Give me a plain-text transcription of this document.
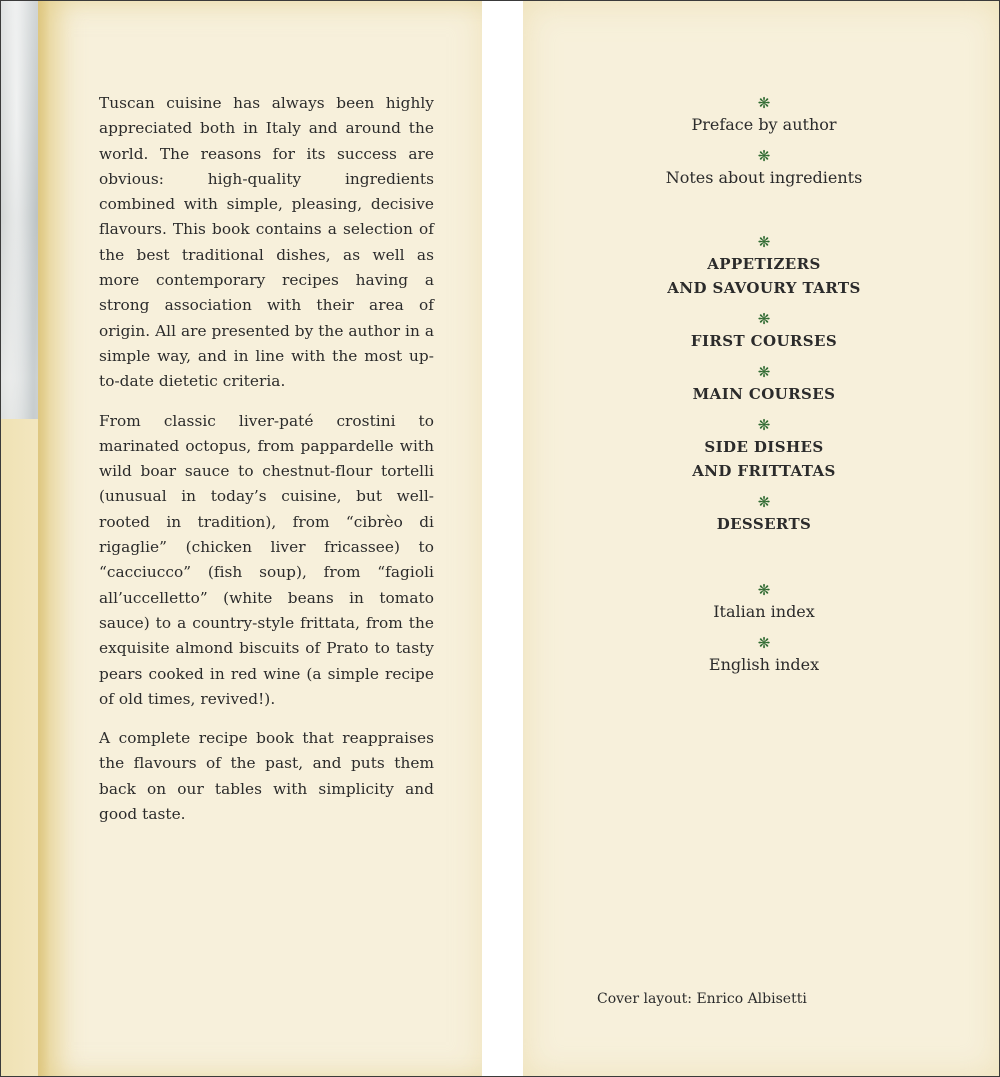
Tuscan cuisine has always been highly appreciated both in Italy and around the world. The reasons for its success are obvious: high-quality ingredients combined with simple, pleasing, decisive flavours. This book contains a selection of the best traditional dishes, as well as more contemporary recipes having a strong association with their area of origin. All are presented by the author in a simple way, and in line with the most up-to-date dietetic criteria.

From classic liver-paté crostini to marinated octopus, from pappardelle with wild boar sauce to chestnut-flour tortelli (unusual in today’s cuisine, but well-rooted in tradition), from “cibrèo di rigaglie” (chicken liver fricassee) to “cacciucco” (fish soup), from “fagioli all’uccelletto” (white beans in tomato sauce) to a country-style frittata, from the exquisite almond biscuits of Prato to tasty pears cooked in red wine (a simple recipe of old times, revived!).

A complete recipe book that reappraises the flavours of the past, and puts them back on our tables with simplicity and good taste.

❋
Preface by author
❋
Notes about ingredients
❋
APPETIZERS
AND SAVOURY TARTS
❋
FIRST COURSES
❋
MAIN COURSES
❋
SIDE DISHES
AND FRITTATAS
❋
DESSERTS
❋
Italian index
❋
English index
Cover layout: Enrico Albisetti
